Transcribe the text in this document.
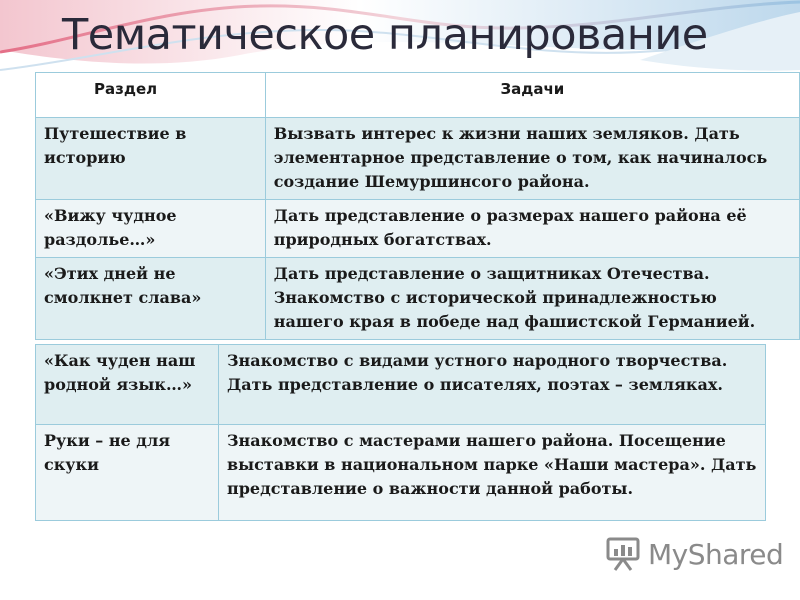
Тематическое планирование
Раздел	Задачи
Путешествие в историю	Вызвать интерес к жизни наших земляков. Дать элементарное представление о том, как начиналось создание Шемуршинсого района.
«Вижу чудное раздолье…»	Дать представление о размерах нашего района её природных богатствах.
«Этих дней не смолкнет слава»	Дать представление о защитниках Отечества. Знакомство с исторической принадлежностью нашего края в победе над фашистской Германией.
«Как чуден наш родной язык…»	Знакомство с видами устного народного творчества. Дать представление о писателях, поэтах – земляках.
Руки – не для скуки	Знакомство с мастерами нашего района. Посещение выставки в национальном парке «Наши мастера». Дать представление о важности данной работы.
MyShared
